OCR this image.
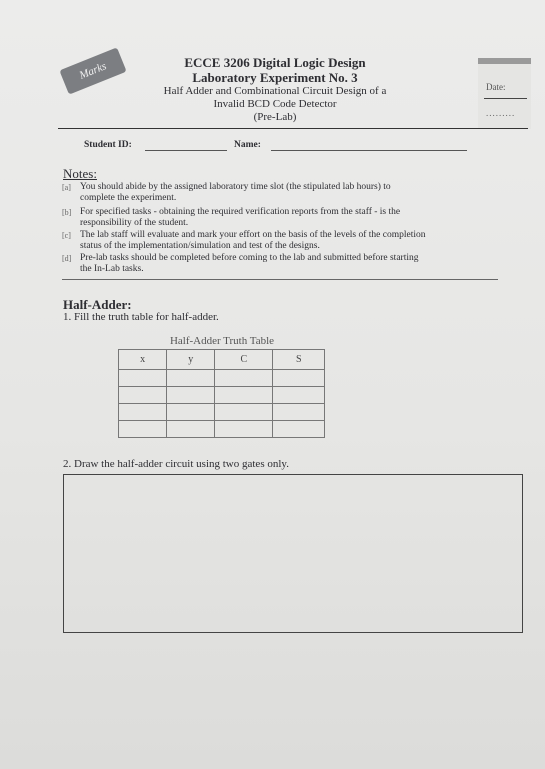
Marks
Date:
.........
ECCE 3206 Digital Logic Design
Laboratory Experiment No. 3
Half Adder and Combinational Circuit Design of a
Invalid BCD Code Detector
(Pre-Lab)
Student ID:	Name:
Notes:
[a] You should abide by the assigned laboratory time slot (the stipulated lab hours) to
complete the experiment.
[b] For specified tasks - obtaining the required verification reports from the staff - is the
responsibility of the student.
[c] The lab staff will evaluate and mark your effort on the basis of the levels of the completion
status of the implementation/simulation and test of the designs.
[d] Pre-lab tasks should be completed before coming to the lab and submitted before starting
the In-Lab tasks.
Half-Adder:
1. Fill the truth table for half-adder.
Half-Adder Truth Table
x	y	C	S

2. Draw the half-adder circuit using two gates only.
